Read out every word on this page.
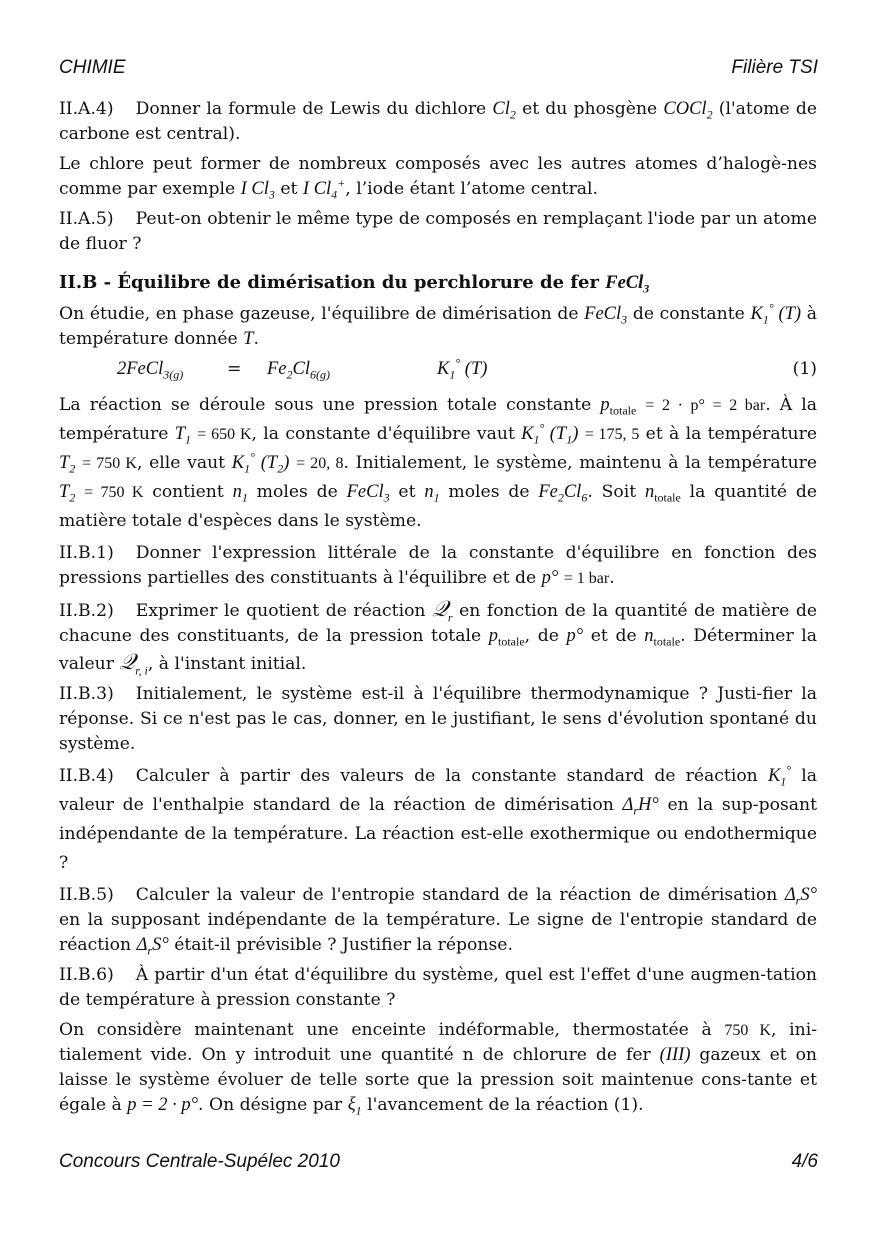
CHIMIE	Filière TSI

II.A.4) Donner la formule de Lewis du dichlore $Cl_2$ et du phosgène COCl$_2$ (l'atome de carbone est central).

Le chlore peut former de nombreux composés avec les autres atomes d’halogè-nes comme par exemple I $Cl_3$ et I $Cl_4^+$, l’iode étant l’atome central.

II.A.5) Peut-on obtenir le même type de composés en remplaçant l'iode par un atome de fluor ?

II.B - Équilibre de dimérisation du perchlorure de fer FeCl$_3$

On étudie, en phase gazeuse, l'équilibre de dimérisation de FeCl$_3$ de constante $K_1^\circ$ (T) à température donnée T.

2FeCl$_{3(g)}$	= $Fe_2Cl_{6(g)}$	$K_1^\circ$ (T)	(1)

La réaction se déroule sous une pression totale constante $p_{totale} = 2 \cdot p^\circ = 2$ bar. À la température $T_1 = 650$ K, la constante d'équilibre vaut $K_1^\circ$ $(T_1) = 175$, 5 et à la température $T_2 = 750$ K, elle vaut $K_1^\circ$ $(T_2) = 20$, 8. Initialement, le système, maintenu à la température $T_2 = 750$ K contient $n_1$ moles de FeCl$_3$ et $n_1$ moles de $Fe_2Cl_6$. Soit $n_{totale}$ la quantité de matière totale d'espèces dans le système.

II.B.1) Donner l'expression littérale de la constante d'équilibre en fonction des pressions partielles des constituants à l'équilibre et de p° = 1 bar.

II.B.2) Exprimer le quotient de réaction 𝒬$_r$ en fonction de la quantité de matière de chacune des constituants, de la pression totale $p_{totale}$, de p° et de $n_{totale}$. Déterminer la valeur 𝒬$_{r, i}$, à l'instant initial.

II.B.3) Initialement, le système est-il à l'équilibre thermodynamique ? Justi-fier la réponse. Si ce n'est pas le cas, donner, en le justifiant, le sens d'évolution spontané du système.

II.B.4) Calculer à partir des valeurs de la constante standard de réaction $K_1^\circ$ la valeur de l'enthalpie standard de la réaction de dimérisation $\Delta_rH^\circ$ en la sup-posant indépendante de la température. La réaction est-elle exothermique ou endothermique ?

II.B.5) Calculer la valeur de l'entropie standard de la réaction de dimérisation $\Delta_rS^\circ$ en la supposant indépendante de la température. Le signe de l'entropie standard de réaction $\Delta_rS^\circ$ était-il prévisible ? Justifier la réponse.

II.B.6) À partir d'un état d'équilibre du système, quel est l'effet d'une augmen-tation de température à pression constante ?

On considère maintenant une enceinte indéformable, thermostatée à 750 K, ini-tialement vide. On y introduit une quantité n de chlorure de fer (III) gazeux et on laisse le système évoluer de telle sorte que la pression soit maintenue cons-tante et égale à p = 2 · p°. On désigne par $\xi_1$ l'avancement de la réaction (1).

Concours Centrale-Supélec 2010	4/6
